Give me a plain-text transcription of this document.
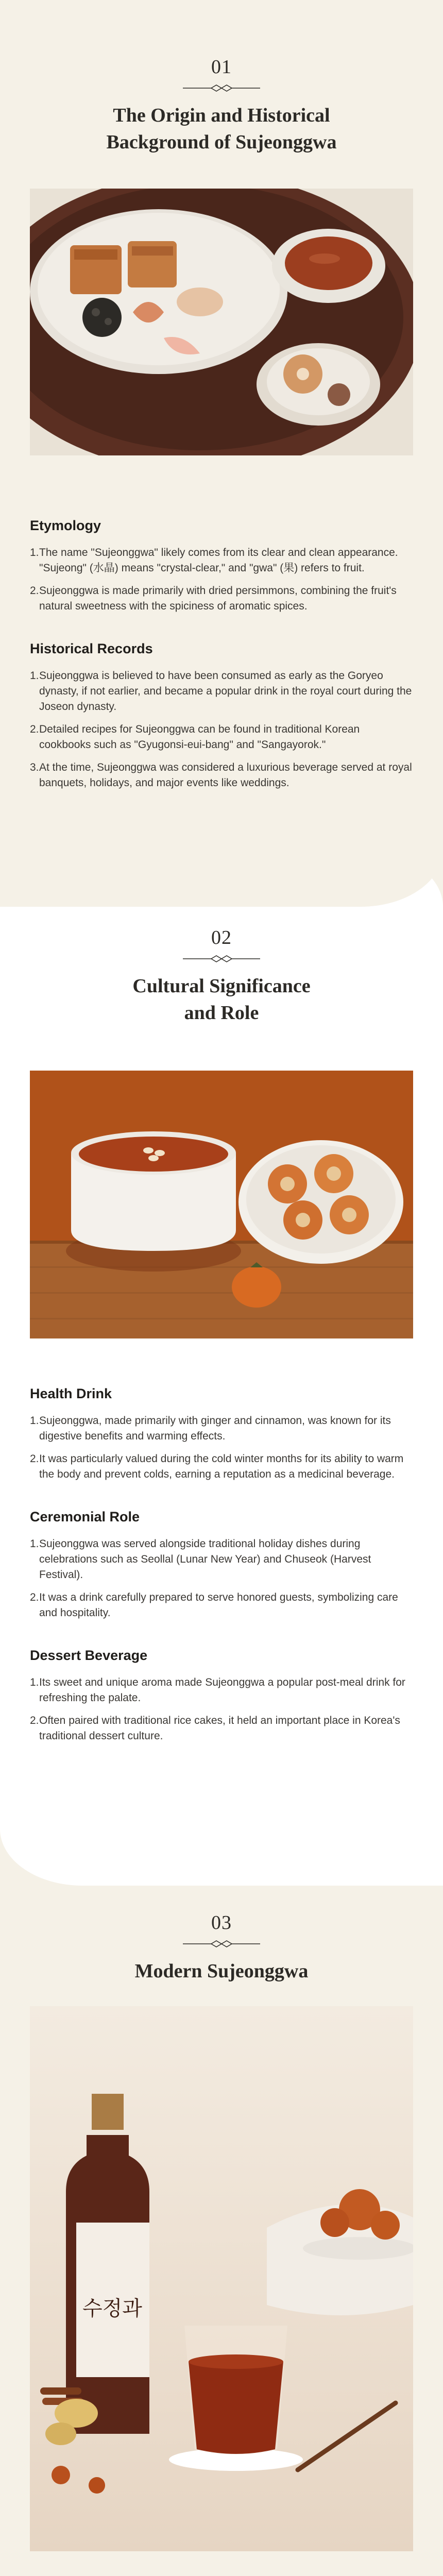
01
The Origin and Historical
Background of Sujeonggwa
Etymology
1. The name "Sujeonggwa" likely comes from its clear and clean appearance. "Sujeong" (水晶) means "crystal-clear," and "gwa" (果) refers to fruit.
2. Sujeonggwa is made primarily with dried persimmons, combining the fruit's natural sweetness with the spiciness of aromatic spices.
Historical Records
1. Sujeonggwa is believed to have been consumed as early as the Goryeo dynasty, if not earlier, and became a popular drink in the royal court during the Joseon dynasty.
2. Detailed recipes for Sujeonggwa can be found in traditional Korean cookbooks such as "Gyugonsi-eui-bang" and "Sangayorok."
3. At the time, Sujeonggwa was considered a luxurious beverage served at royal banquets, holidays, and major events like weddings.
02
Cultural Significance
and Role
Health Drink
1. Sujeonggwa, made primarily with ginger and cinnamon, was known for its digestive benefits and warming effects.
2. It was particularly valued during the cold winter months for its ability to warm the body and prevent colds, earning a reputation as a medicinal beverage.
Ceremonial Role
1. Sujeonggwa was served alongside traditional holiday dishes during celebrations such as Seollal (Lunar New Year) and Chuseok (Harvest Festival).
2. It was a drink carefully prepared to serve honored guests, symbolizing care and hospitality.
Dessert Beverage
1. Its sweet and unique aroma made Sujeonggwa a popular post-meal drink for refreshing the palate.
2. Often paired with traditional rice cakes, it held an important place in Korea's traditional dessert culture.
03
Modern Sujeonggwa
수정과
